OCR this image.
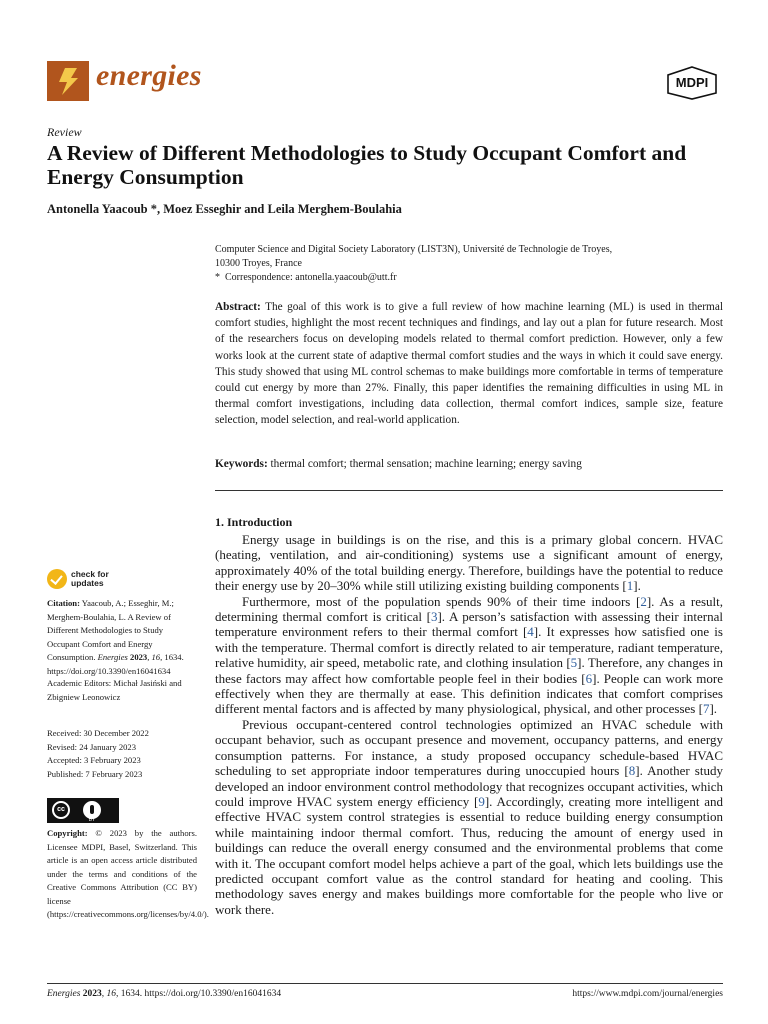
energies	MDPI
Review
A Review of Different Methodologies to Study Occupant Comfort and Energy Consumption
Antonella Yaacoub *, Moez Esseghir and Leila Merghem-Boulahia
Computer Science and Digital Society Laboratory (LIST3N), Université de Technologie de Troyes,
10300 Troyes, France
* Correspondence: antonella.yaacoub@utt.fr
Abstract: The goal of this work is to give a full review of how machine learning (ML) is used in thermal comfort studies, highlight the most recent techniques and findings, and lay out a plan for future research. Most of the researchers focus on developing models related to thermal comfort prediction. However, only a few works look at the current state of adaptive thermal comfort studies and the ways in which it could save energy. This study showed that using ML control schemas to make buildings more comfortable in terms of temperature could cut energy by more than 27%. Finally, this paper identifies the remaining difficulties in using ML in thermal comfort investigations, including data collection, thermal comfort indices, sample size, feature selection, model selection, and real-world application.
Keywords: thermal comfort; thermal sensation; machine learning; energy saving
1. Introduction

Energy usage in buildings is on the rise, and this is a primary global concern. HVAC (heating, ventilation, and air-conditioning) systems use a significant amount of energy, approximately 40% of the total building energy. Therefore, buildings have the potential to reduce their energy use by 20–30% while still utilizing existing building components [1].

Furthermore, most of the population spends 90% of their time indoors [2]. As a result, determining thermal comfort is critical [3]. A person’s satisfaction with assessing their internal temperature environment refers to their thermal comfort [4]. It expresses how satisfied one is with the temperature. Thermal comfort is directly related to air temperature, radiant temperature, relative humidity, air speed, metabolic rate, and clothing insulation [5]. Therefore, any changes in these factors may affect how comfortable people feel in their bodies [6]. People can work more effectively when they are thermally at ease. This definition indicates that comfort comprises different mental factors and is affected by many physiological, physical, and other processes [7].

Previous occupant-centered control technologies optimized an HVAC schedule with occupant behavior, such as occupant presence and movement, occupancy patterns, and energy consumption patterns. For instance, a study proposed occupancy schedule-based HVAC scheduling to set appropriate indoor temperatures during unoccupied hours [8]. Another study developed an indoor environment control methodology that recognizes occupant activities, which could improve HVAC system energy efficiency [9]. Accordingly, creating more intelligent and effective HVAC system control strategies is essential to reduce building energy consumption while maintaining indoor thermal comfort. Thus, reducing the amount of energy used in buildings can reduce the overall energy consumed and the environmental problems that come with it. The occupant comfort model helps achieve a part of the goal, which lets buildings use the predicted occupant comfort value as the control standard for heating and cooling. This methodology saves energy and makes buildings more comfortable for the people who live or work there.

check for
updates
Citation: Yaacoub, A.; Esseghir, M.; Merghem-Boulahia, L. A Review of Different Methodologies to Study Occupant Comfort and Energy Consumption. Energies 2023, 16, 1634. https://doi.org/10.3390/en16041634
Academic Editors: Michał Jasiński and Zbigniew Leonowicz
Received: 30 December 2022
Revised: 24 January 2023
Accepted: 3 February 2023
Published: 7 February 2023
cc
BY
Copyright: © 2023 by the authors. Licensee MDPI, Basel, Switzerland. This article is an open access article distributed under the terms and conditions of the Creative Commons Attribution (CC BY) license (https://creativecommons.org/licenses/by/4.0/).
Energies 2023, 16, 1634. https://doi.org/10.3390/en16041634	https://www.mdpi.com/journal/energies
